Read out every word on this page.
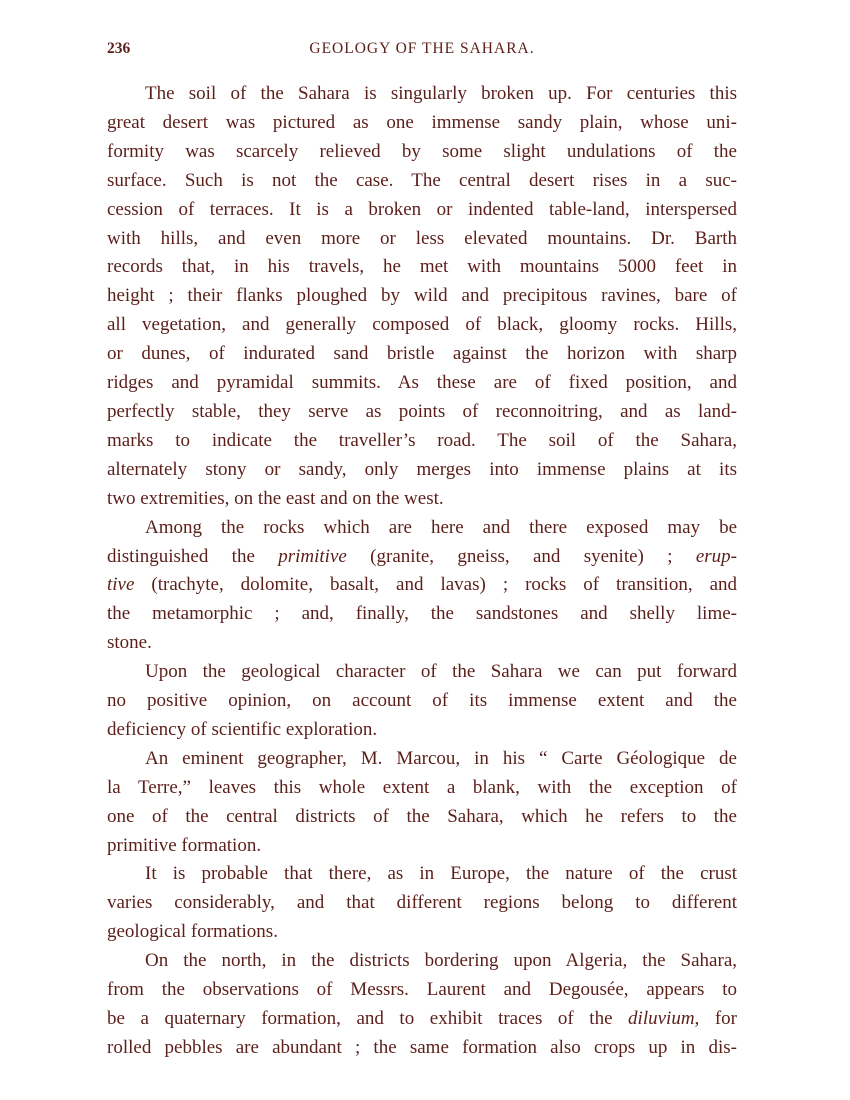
236	GEOLOGY OF THE SAHARA.
The soil of the Sahara is singularly broken up. For centuries this
great desert was pictured as one immense sandy plain, whose uni-
formity was scarcely relieved by some slight undulations of the
surface. Such is not the case. The central desert rises in a suc-
cession of terraces. It is a broken or indented table-land, interspersed
with hills, and even more or less elevated mountains. Dr. Barth
records that, in his travels, he met with mountains 5000 feet in
height ; their flanks ploughed by wild and precipitous ravines, bare of
all vegetation, and generally composed of black, gloomy rocks. Hills,
or dunes, of indurated sand bristle against the horizon with sharp
ridges and pyramidal summits. As these are of fixed position, and
perfectly stable, they serve as points of reconnoitring, and as land-
marks to indicate the traveller’s road. The soil of the Sahara,
alternately stony or sandy, only merges into immense plains at its
two extremities, on the east and on the west.
Among the rocks which are here and there exposed may be
distinguished the primitive (granite, gneiss, and syenite) ; erup-
tive (trachyte, dolomite, basalt, and lavas) ; rocks of transition, and
the metamorphic ; and, finally, the sandstones and shelly lime-
stone.
Upon the geological character of the Sahara we can put forward
no positive opinion, on account of its immense extent and the
deficiency of scientific exploration.
An eminent geographer, M. Marcou, in his “ Carte Géologique de
la Terre,” leaves this whole extent a blank, with the exception of
one of the central districts of the Sahara, which he refers to the
primitive formation.
It is probable that there, as in Europe, the nature of the crust
varies considerably, and that different regions belong to different
geological formations.
On the north, in the districts bordering upon Algeria, the Sahara,
from the observations of Messrs. Laurent and Degousée, appears to
be a quaternary formation, and to exhibit traces of the diluvium, for
rolled pebbles are abundant ; the same formation also crops up in dis-
